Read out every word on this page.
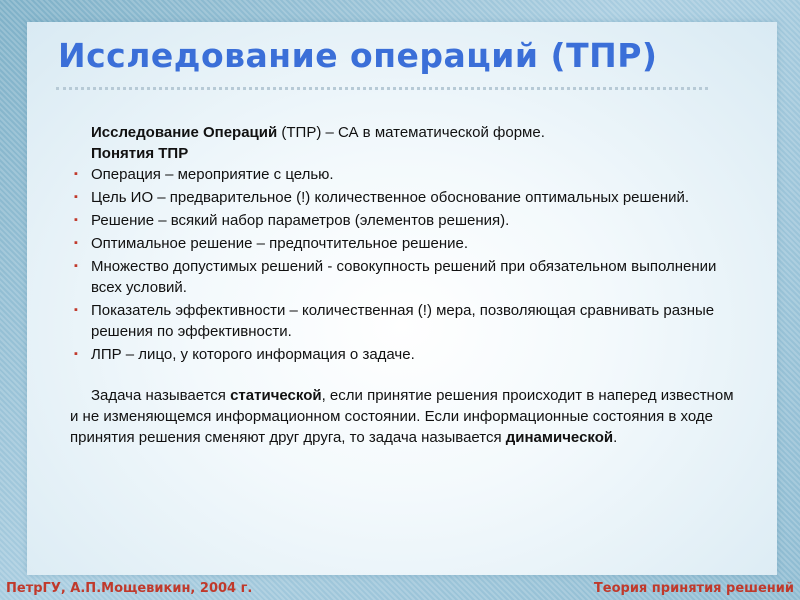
Исследование операций (ТПР)

Исследование Операций (ТПР) – СА в математической форме.

Понятия ТПР

▪ Операция – мероприятие с целью.
▪ Цель ИО – предварительное (!) количественное обоснование оптимальных решений.
▪ Решение – всякий набор параметров (элементов решения).
▪ Оптимальное решение – предпочтительное решение.
▪ Множество допустимых решений - совокупность решений при обязательном выполнении всех условий.
▪ Показатель эффективности – количественная (!) мера, позволяющая сравнивать разные решения по эффективности.
▪ ЛПР – лицо, у которого информация о задаче.

Задача называется статической, если принятие решения происходит в наперед известном и не изменяющемся информационном состоянии. Если информационные состояния в ходе принятия решения сменяют друг друга, то задача называется динамической.

ПетрГУ, А.П.Мощевикин, 2004 г.	Теория принятия решений
